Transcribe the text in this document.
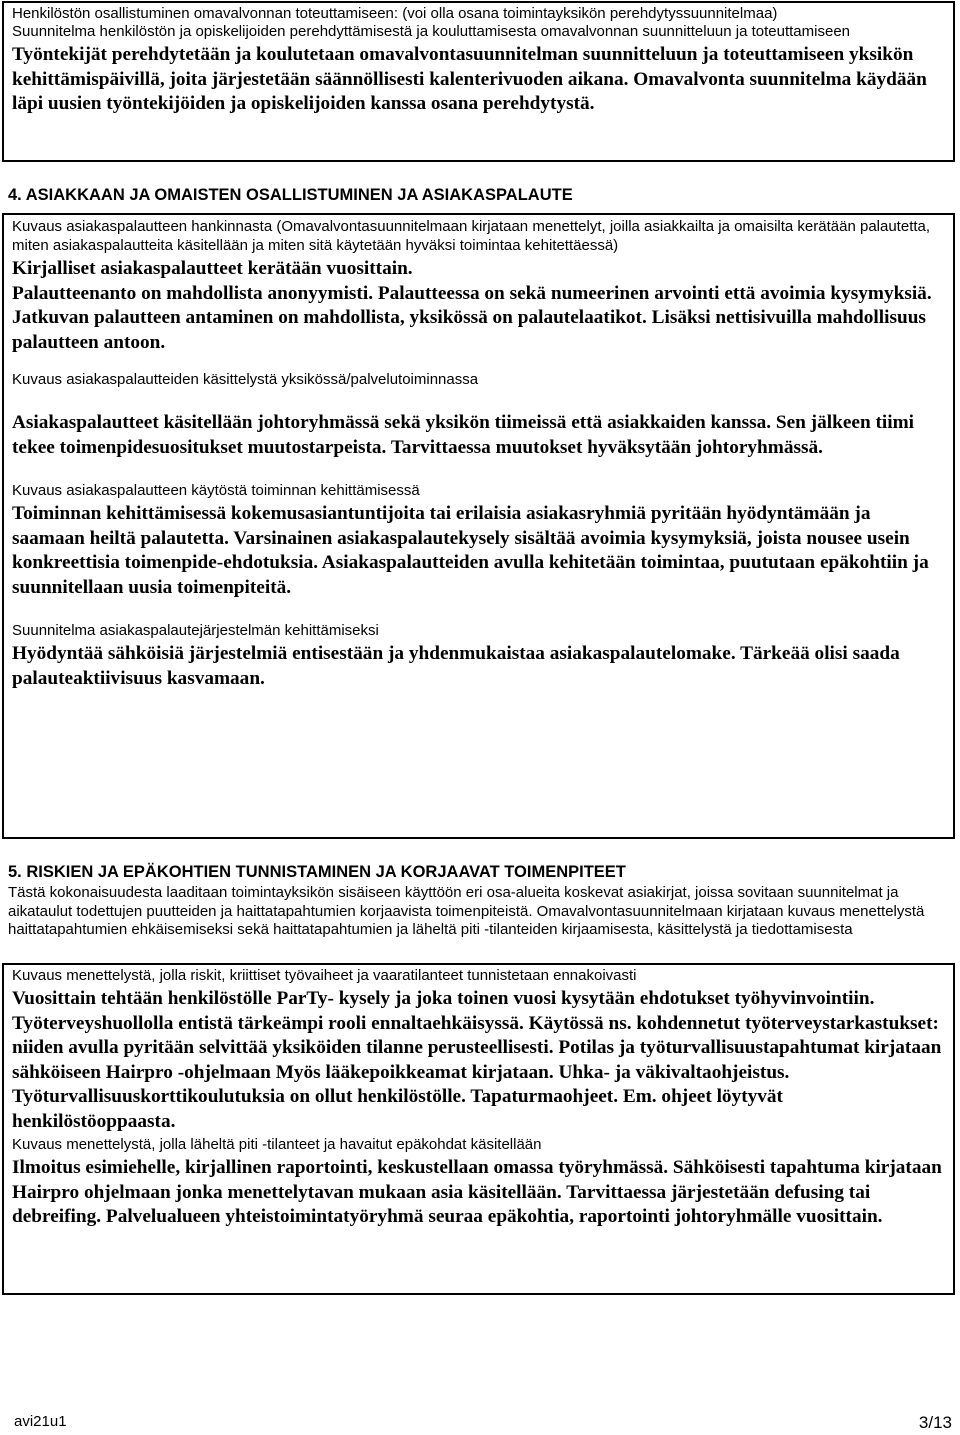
Henkilöstön osallistuminen omavalvonnan toteuttamiseen: (voi olla osana toimintayksikön perehdytyssuunnitelmaa)

Suunnitelma henkilöstön ja opiskelijoiden perehdyttämisestä ja kouluttamisesta omavalvonnan suunnitteluun ja toteuttamiseen

Työntekijät perehdytetään ja koulutetaan omavalvontasuunnitelman suunnitteluun ja toteuttamiseen yksikön kehittämispäivillä, joita järjestetään säännöllisesti kalenterivuoden aikana. Omavalvonta suunnitelma käydään läpi uusien työntekijöiden ja opiskelijoiden kanssa osana perehdytystä.

4. ASIAKKAAN JA OMAISTEN OSALLISTUMINEN JA ASIAKASPALAUTE

Kuvaus asiakaspalautteen hankinnasta (Omavalvontasuunnitelmaan kirjataan menettelyt, joilla asiakkailta ja omaisilta kerätään palautetta, miten asiakaspalautteita käsitellään ja miten sitä käytetään hyväksi toimintaa kehitettäessä)

Kirjalliset asiakaspalautteet kerätään vuosittain.

Palautteenanto on mahdollista anonyymisti. Palautteessa on sekä numeerinen arvointi että avoimia kysymyksiä. Jatkuvan palautteen antaminen on mahdollista, yksikössä on palautelaatikot. Lisäksi nettisivuilla mahdollisuus palautteen antoon.

Kuvaus asiakaspalautteiden käsittelystä yksikössä/palvelutoiminnassa

Asiakaspalautteet käsitellään johtoryhmässä sekä yksikön tiimeissä että asiakkaiden kanssa. Sen jälkeen tiimi tekee toimenpidesuositukset muutostarpeista. Tarvittaessa muutokset hyväksytään johtoryhmässä.

Kuvaus asiakaspalautteen käytöstä toiminnan kehittämisessä

Toiminnan kehittämisessä kokemusasiantuntijoita tai erilaisia asiakasryhmiä pyritään hyödyntämään ja saamaan heiltä palautetta. Varsinainen asiakaspalautekysely sisältää avoimia kysymyksiä, joista nousee usein konkreettisia toimenpide-ehdotuksia. Asiakaspalautteiden avulla kehitetään toimintaa, puututaan epäkohtiin ja suunnitellaan uusia toimenpiteitä.

Suunnitelma asiakaspalautejärjestelmän kehittämiseksi

Hyödyntää sähköisiä järjestelmiä entisestään ja yhdenmukaistaa asiakaspalautelomake. Tärkeää olisi saada palauteaktiivisuus kasvamaan.

5. RISKIEN JA EPÄKOHTIEN TUNNISTAMINEN JA KORJAAVAT TOIMENPITEET

Tästä kokonaisuudesta laaditaan toimintayksikön sisäiseen käyttöön eri osa-alueita koskevat asiakirjat, joissa sovitaan suunnitelmat ja aikataulut todettujen puutteiden ja haittatapahtumien korjaavista toimenpiteistä. Omavalvontasuunnitelmaan kirjataan kuvaus menettelystä haittatapahtumien ehkäisemiseksi sekä haittatapahtumien ja läheltä piti -tilanteiden kirjaamisesta, käsittelystä ja tiedottamisesta

Kuvaus menettelystä, jolla riskit, kriittiset työvaiheet ja vaaratilanteet tunnistetaan ennakoivasti

Vuosittain tehtään henkilöstölle ParTy- kysely ja joka toinen vuosi kysytään ehdotukset työhyvinvointiin. Työterveyshuollolla entistä tärkeämpi rooli ennaltaehkäisyssä. Käytössä ns. kohdennetut työterveystarkastukset: niiden avulla pyritään selvittää yksiköiden tilanne perusteellisesti. Potilas ja työturvallisuustapahtumat kirjataan sähköiseen Hairpro -ohjelmaan Myös lääkepoikkeamat kirjataan. Uhka- ja väkivaltaohjeistus. Työturvallisuuskorttikoulutuksia on ollut henkilöstölle. Tapaturmaohjeet. Em. ohjeet löytyvät henkilöstöoppaasta.

Kuvaus menettelystä, jolla läheltä piti -tilanteet ja havaitut epäkohdat käsitellään

Ilmoitus esimiehelle, kirjallinen raportointi, keskustellaan omassa työryhmässä. Sähköisesti tapahtuma kirjataan Hairpro ohjelmaan jonka menettelytavan mukaan asia käsitellään. Tarvittaessa järjestetään defusing tai debreifing. Palvelualueen yhteistoimintatyöryhmä seuraa epäkohtia, raportointi johtoryhmälle vuosittain.

avi21u1	3/13
